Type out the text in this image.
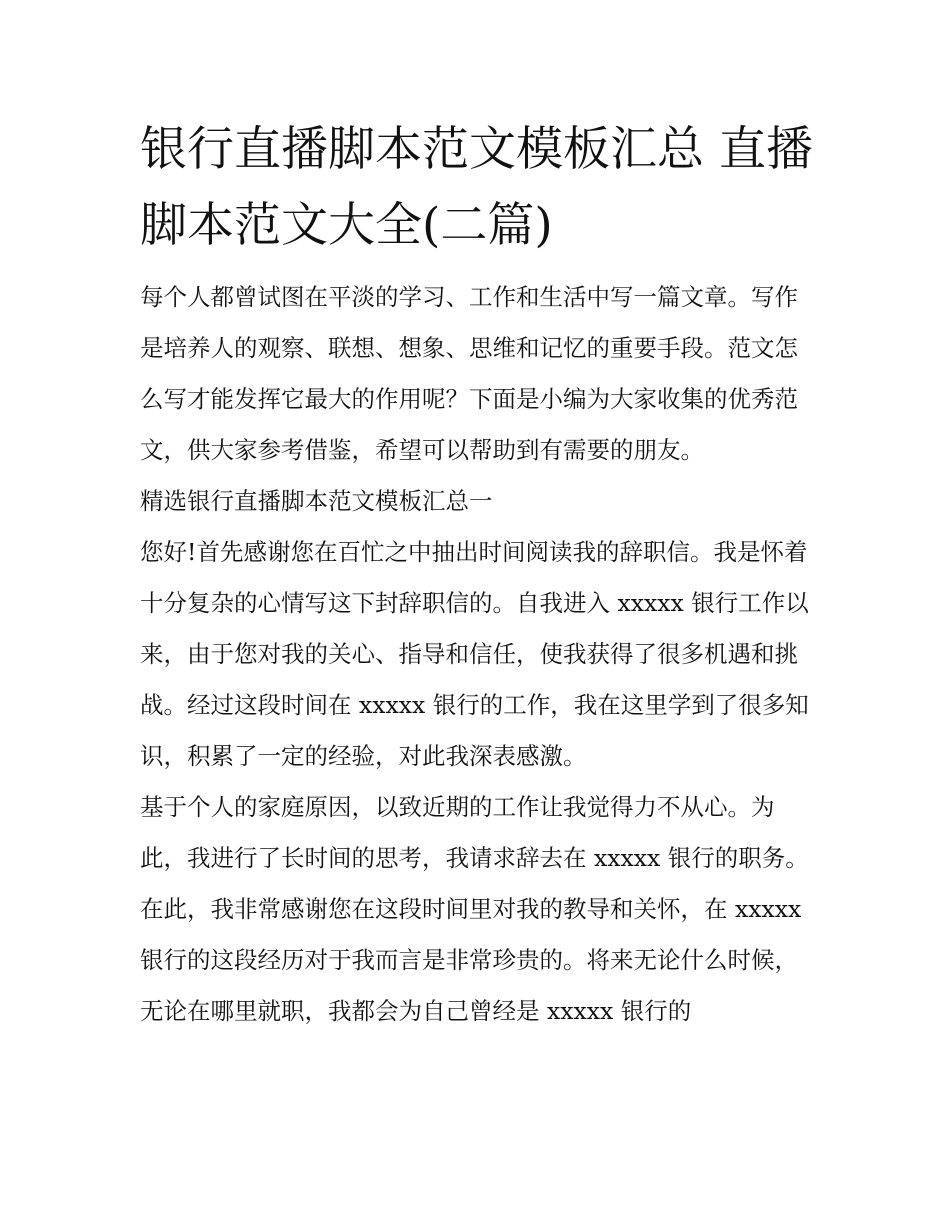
银行直播脚本范文模板汇总 直播脚本范文大全(二篇)

每个人都曾试图在平淡的学习、工作和生活中写一篇文章。写作是培养人的观察、联想、想象、思维和记忆的重要手段。范文怎么写才能发挥它最大的作用呢？下面是小编为大家收集的优秀范文，供大家参考借鉴，希望可以帮助到有需要的朋友。

精选银行直播脚本范文模板汇总一

您好!首先感谢您在百忙之中抽出时间阅读我的辞职信。我是怀着十分复杂的心情写这下封辞职信的。自我进入 xxxxx 银行工作以来，由于您对我的关心、指导和信任，使我获得了很多机遇和挑战。经过这段时间在 xxxxx 银行的工作，我在这里学到了很多知识，积累了一定的经验，对此我深表感激。

基于个人的家庭原因，以致近期的工作让我觉得力不从心。为此，我进行了长时间的思考，我请求辞去在 xxxxx 银行的职务。

在此，我非常感谢您在这段时间里对我的教导和关怀，在 xxxxx 银行的这段经历对于我而言是非常珍贵的。将来无论什么时候，无论在哪里就职，我都会为自己曾经是 xxxxx 银行的
